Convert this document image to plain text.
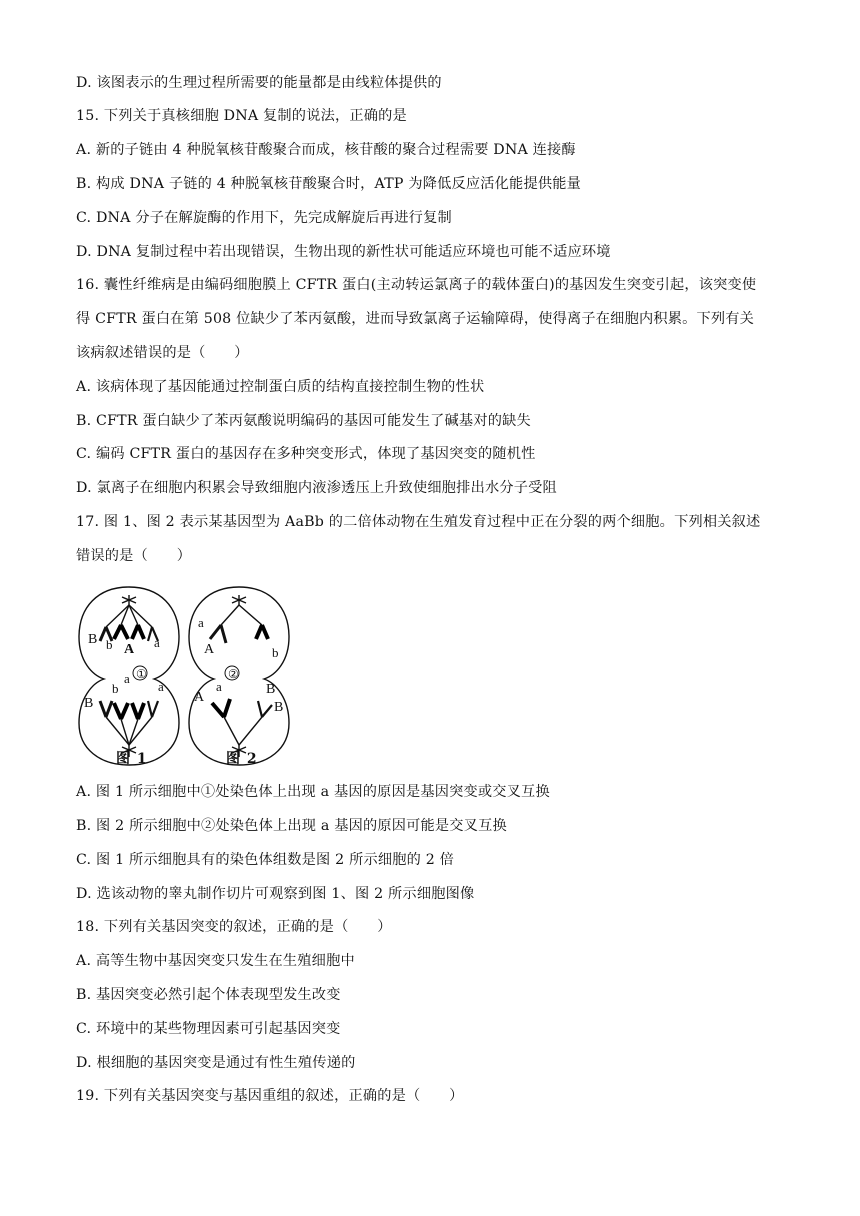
D. 该图表示的生理过程所需要的能量都是由线粒体提供的
15. 下列关于真核细胞 DNA 复制的说法，正确的是
A. 新的子链由 4 种脱氧核苷酸聚合而成，核苷酸的聚合过程需要 DNA 连接酶
B. 构成 DNA 子链的 4 种脱氧核苷酸聚合时，ATP 为降低反应活化能提供能量
C. DNA 分子在解旋酶的作用下，先完成解旋后再进行复制
D. DNA 复制过程中若出现错误，生物出现的新性状可能适应环境也可能不适应环境
16. 囊性纤维病是由编码细胞膜上 CFTR 蛋白(主动转运氯离子的载体蛋白)的基因发生突变引起，该突变使
得 CFTR 蛋白在第 508 位缺少了苯丙氨酸，进而导致氯离子运输障碍，使得离子在细胞内积累。下列有关
该病叙述错误的是（　　）
A. 该病体现了基因能通过控制蛋白质的结构直接控制生物的性状
B. CFTR 蛋白缺少了苯丙氨酸说明编码的基因可能发生了碱基对的缺失
C. 编码 CFTR 蛋白的基因存在多种突变形式，体现了基因突变的随机性
D. 氯离子在细胞内积累会导致细胞内液渗透压上升致使细胞排出水分子受阻
17. 图 1、图 2 表示某基因型为 AaBb 的二倍体动物在生殖发育过程中正在分裂的两个细胞。下列相关叙述
错误的是（　　）
B b A a
①
b
a
a
B
a
A	b
②
a
A
B
B
图 1	图 2
A. 图 1 所示细胞中①处染色体上出现 a 基因的原因是基因突变或交叉互换
B. 图 2 所示细胞中②处染色体上出现 a 基因的原因可能是交叉互换
C. 图 1 所示细胞具有的染色体组数是图 2 所示细胞的 2 倍
D. 选该动物的睾丸制作切片可观察到图 1、图 2 所示细胞图像
18. 下列有关基因突变的叙述，正确的是（　　）
A. 高等生物中基因突变只发生在生殖细胞中
B. 基因突变必然引起个体表现型发生改变
C. 环境中的某些物理因素可引起基因突变
D. 根细胞的基因突变是通过有性生殖传递的
19. 下列有关基因突变与基因重组的叙述，正确的是（　　）
